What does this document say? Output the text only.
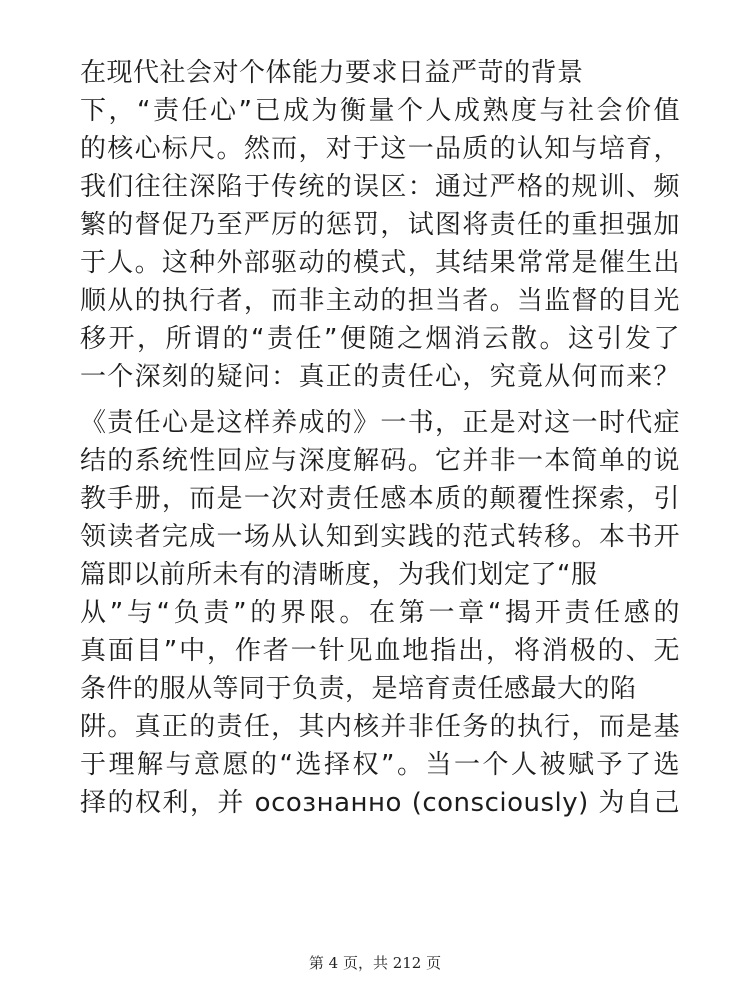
在现代社会对个体能力要求日益严苛的背景
下，“责任心”已成为衡量个人成熟度与社会价值
的核心标尺。然而，对于这一品质的认知与培育，
我们往往深陷于传统的误区：通过严格的规训、频
繁的督促乃至严厉的惩罚，试图将责任的重担强加
于人。这种外部驱动的模式，其结果常常是催生出
顺从的执行者，而非主动的担当者。当监督的目光
移开，所谓的“责任”便随之烟消云散。这引发了
一个深刻的疑问：真正的责任心，究竟从何而来？
《责任心是这样养成的》一书，正是对这一时代症
结的系统性回应与深度解码。它并非一本简单的说
教手册，而是一次对责任感本质的颠覆性探索，引
领读者完成一场从认知到实践的范式转移。本书开
篇即以前所未有的清晰度，为我们划定了“服
从”与“负责”的界限。在第一章“揭开责任感的
真面目”中，作者一针见血地指出，将消极的、无
条件的服从等同于负责，是培育责任感最大的陷
阱。真正的责任，其内核并非任务的执行，而是基
于理解与意愿的“选择权”。当一个人被赋予了选
择的权利，并 осознанно (consciously) 为自己
第 4 页，共 212 页
